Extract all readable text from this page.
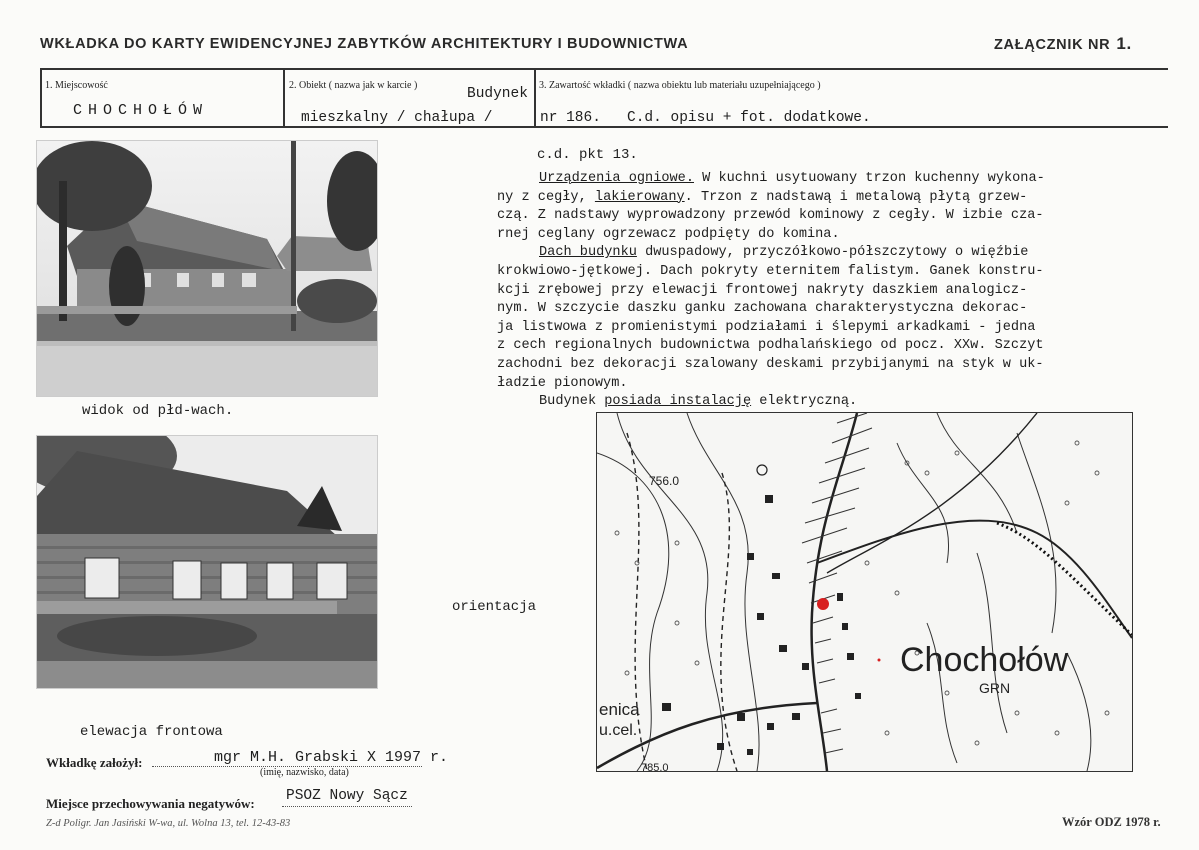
WKŁADKA DO KARTY EWIDENCYJNEJ ZABYTKÓW ARCHITEKTURY I BUDOWNICTWA	ZAŁĄCZNIK NR 1.
1. Miejscowość
CHOCHOŁÓW
2. Obiekt ( nazwa jak w karcie )
Budynek
mieszkalny / chałupa /
3. Zawartość wkładki ( nazwa obiektu lub materiału uzupełniającego )
nr 186.   C.d. opisu + fot. dodatkowe.
c.d. pkt 13.
Urządzenia ogniowe. W kuchni usytuowany trzon kuchenny wykona-
ny z cegły, lakierowany. Trzon z nadstawą i metalową płytą grzew-
czą. Z nadstawy wyprowadzony przewód kominowy z cegły. W izbie cza-
rnej ceglany ogrzewacz podpięty do komina.
Dach budynku dwuspadowy, przyczółkowo-półszczytowy o więźbie
krokwiowo-jętkowej. Dach pokryty eternitem falistym. Ganek konstru-
kcji zrębowej przy elewacji frontowej nakryty daszkiem analogicz-
nym. W szczycie daszku ganku zachowana charakterystyczna dekorac-
ja listwowa z promienistymi podziałami i ślepymi arkadkami - jedna
z cech regionalnych budownictwa podhalańskiego od pocz. XXw. Szczyt
zachodni bez dekoracji szalowany deskami przybijanymi na styk w uk-
ładzie pionowym.
Budynek posiada instalację elektryczną.
widok od płd-wach.
elewacja frontowa
orientacja
756.0
785.0
Chochołów
GRN
enica
u.cel.
Wkładkę założył:	mgr M.H. Grabski X 1997 r.
(imię, nazwisko, data)
Miejsce przechowywania negatywów: PSOZ Nowy Sącz
Z-d Poligr. Jan Jasiński W-wa, ul. Wolna 13, tel. 12-43-83	Wzór ODZ 1978 r.
